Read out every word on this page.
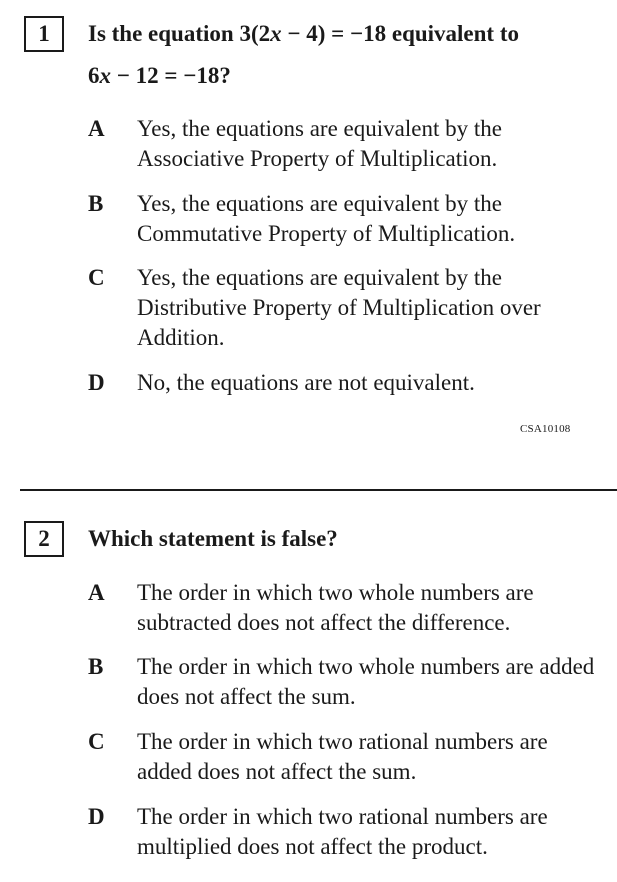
1	Is the equation 3(2x − 4) = −18 equivalent to
6x − 12 = −18?

A	Yes, the equations are equivalent by the Associative Property of Multiplication.
B	Yes, the equations are equivalent by the Commutative Property of Multiplication.
C	Yes, the equations are equivalent by the Distributive Property of Multiplication over Addition.
D	No, the equations are not equivalent.
CSA10108
2	Which statement is false?

A	The order in which two whole numbers are subtracted does not affect the difference.
B	The order in which two whole numbers are added does not affect the sum.
C	The order in which two rational numbers are added does not affect the sum.
D	The order in which two rational numbers are multiplied does not affect the product.
